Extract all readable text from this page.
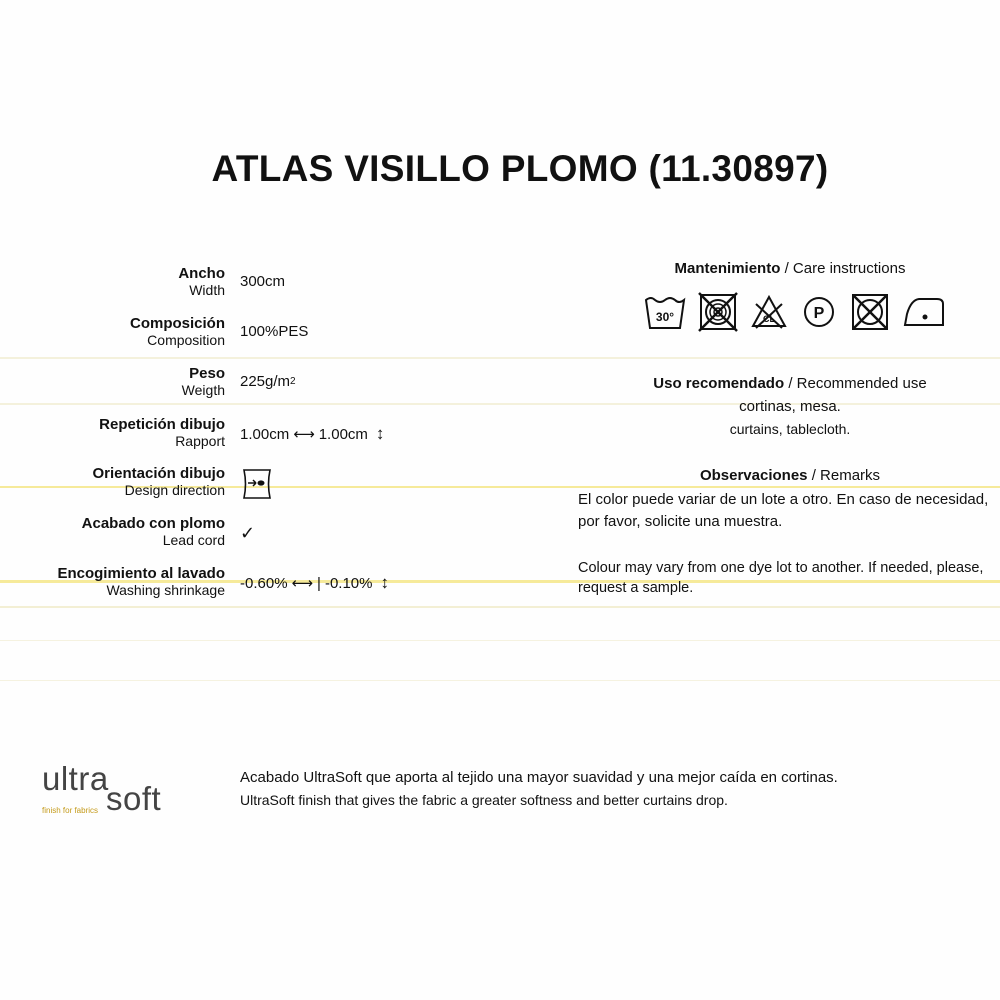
ATLAS VISILLO PLOMO (11.30897)
Ancho
Width 300cm
Composición
Composition 100%PES
Peso
Weigth 225g/m 2
Repetición dibujo
Rapport 1.00cm ⟷ 1.00cm ↕
Orientación dibujo
Design direction
Acabado con plomo
Lead cord ✓
Encogimiento al lavado
Washing shrinkage -0.60% ⟷ | -0.10% ↕
Mantenimiento / Care instructions
30°	CL P
Uso recomendado / Recommended use
cortinas, mesa.
curtains, tablecloth.
Observaciones / Remarks
El color puede variar de un lote a otro. En caso de necesidad, por favor, solicite una muestra.
Colour may vary from one dye lot to another. If needed, please, request a sample.
ultra
soft
finish for fabrics
Acabado UltraSoft que aporta al tejido una mayor suavidad y una mejor caída en cortinas.
UltraSoft finish that gives the fabric a greater softness and better curtains drop.
